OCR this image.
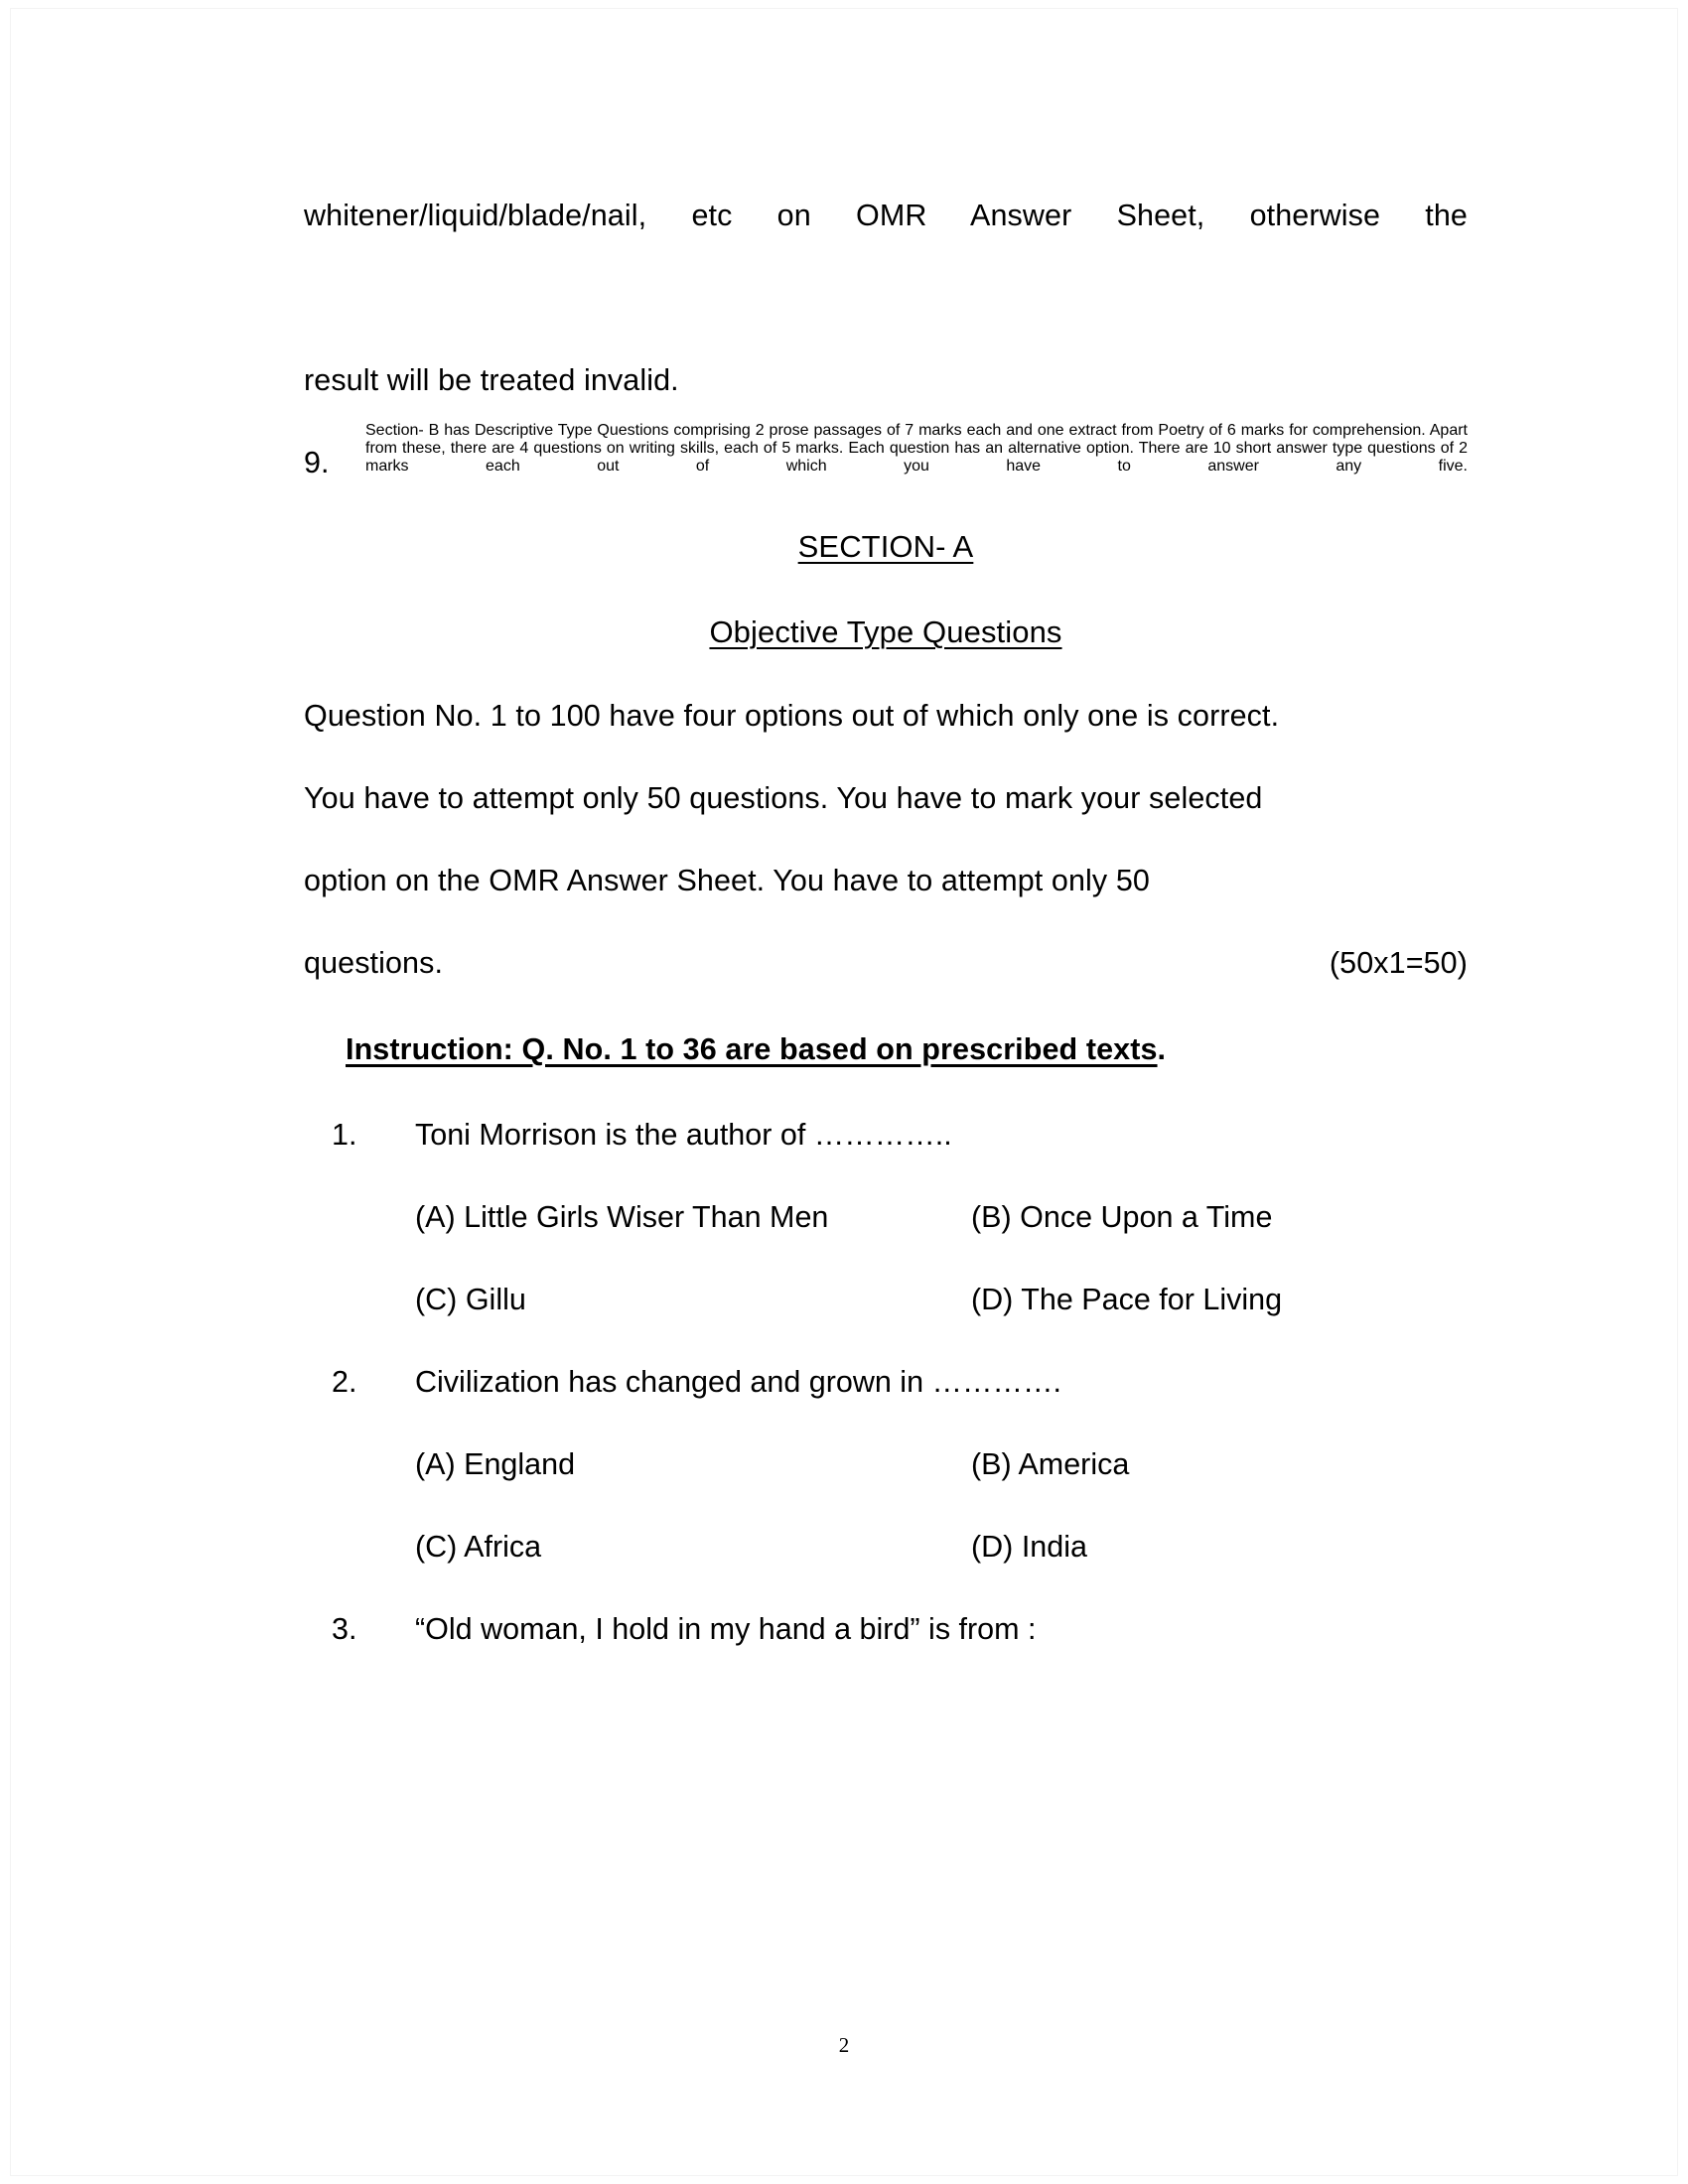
whitener/liquid/blade/nail, etc on OMR Answer Sheet, otherwise the

result will be treated invalid.

9.
Section- B has Descriptive Type Questions comprising 2 prose passages of 7 marks each and one extract from Poetry of 6 marks for comprehension. Apart from these, there are 4 questions on writing skills, each of 5 marks. Each question has an alternative option. There are 10 short answer type questions of 2 marks each out of which you have to answer any five.

SECTION- A

Objective Type Questions

Question No. 1 to 100 have four options out of which only one is correct.

You have to attempt only 50 questions. You have to mark your selected

option on the OMR Answer Sheet. You have to attempt only 50

questions.	(50x1=50)

Instruction: Q. No. 1 to 36 are based on prescribed texts.

1.	Toni Morrison is the author of …………..
(A) Little Girls Wiser Than Men	(B) Once Upon a Time
(C) Gillu	(D) The Pace for Living
2.	Civilization has changed and grown in ………….
(A) England	(B) America
(C) Africa	(D) India
3.	“Old woman, I hold in my hand a bird” is from :
2
